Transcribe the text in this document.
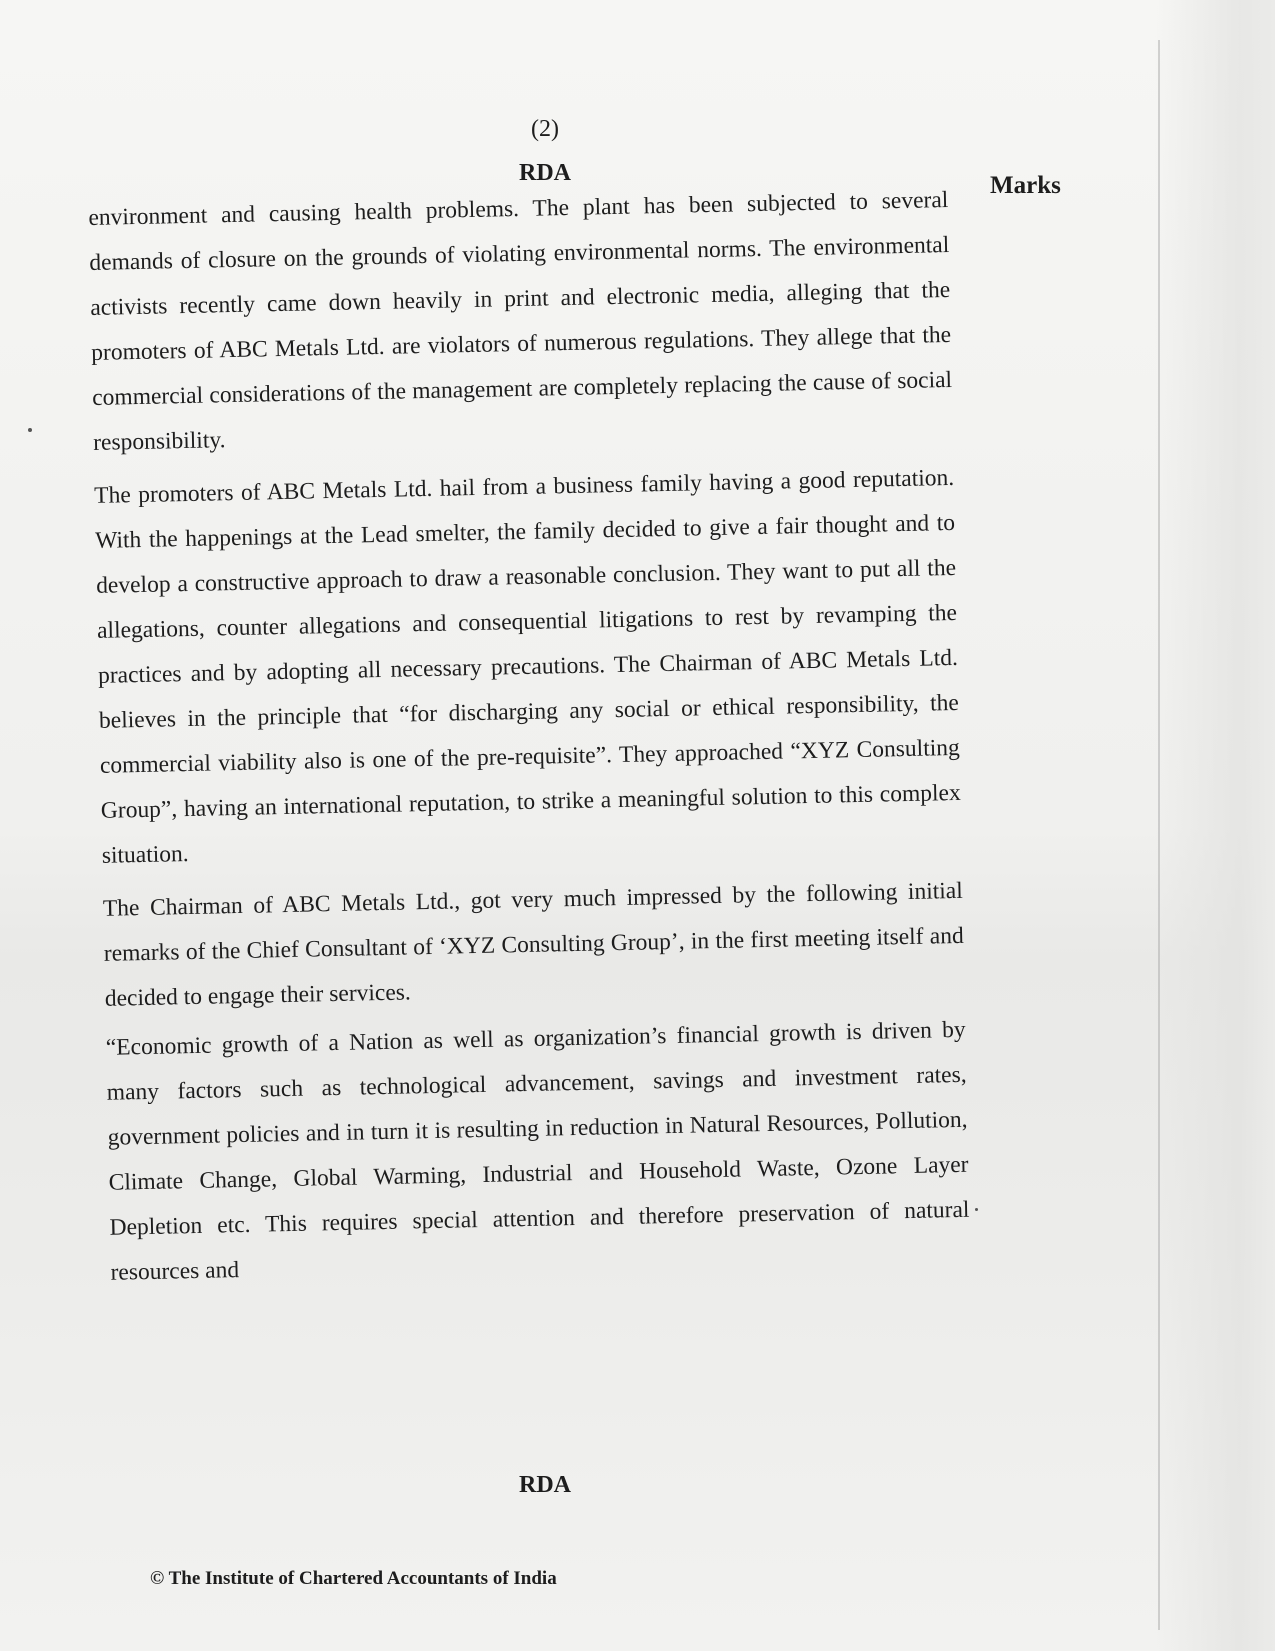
(2)
RDA	Marks

environment and causing health problems. The plant has been subjected to several demands of closure on the grounds of violating environmental norms. The environmental activists recently came down heavily in print and electronic media, alleging that the promoters of ABC Metals Ltd. are violators of numerous regulations. They allege that the commercial considerations of the management are completely replacing the cause of social responsibility.

The promoters of ABC Metals Ltd. hail from a business family having a good reputation. With the happenings at the Lead smelter, the family decided to give a fair thought and to develop a constructive approach to draw a reasonable conclusion. They want to put all the allegations, counter allegations and consequential litigations to rest by revamping the practices and by adopting all necessary precautions. The Chairman of ABC Metals Ltd. believes in the principle that “for discharging any social or ethical responsibility, the commercial viability also is one of the pre-requisite”. They approached “XYZ Consulting Group”, having an international reputation, to strike a meaningful solution to this complex situation.

The Chairman of ABC Metals Ltd., got very much impressed by the following initial remarks of the Chief Consultant of ‘XYZ Consulting Group’, in the first meeting itself and decided to engage their services.

“Economic growth of a Nation as well as organization’s financial growth is driven by many factors such as technological advancement, savings and investment rates, government policies and in turn it is resulting in reduction in Natural Resources, Pollution, Climate Change, Global Warming, Industrial and Household Waste, Ozone Layer Depletion etc. This requires special attention and therefore preservation of natural resources and

RDA
© The Institute of Chartered Accountants of India
